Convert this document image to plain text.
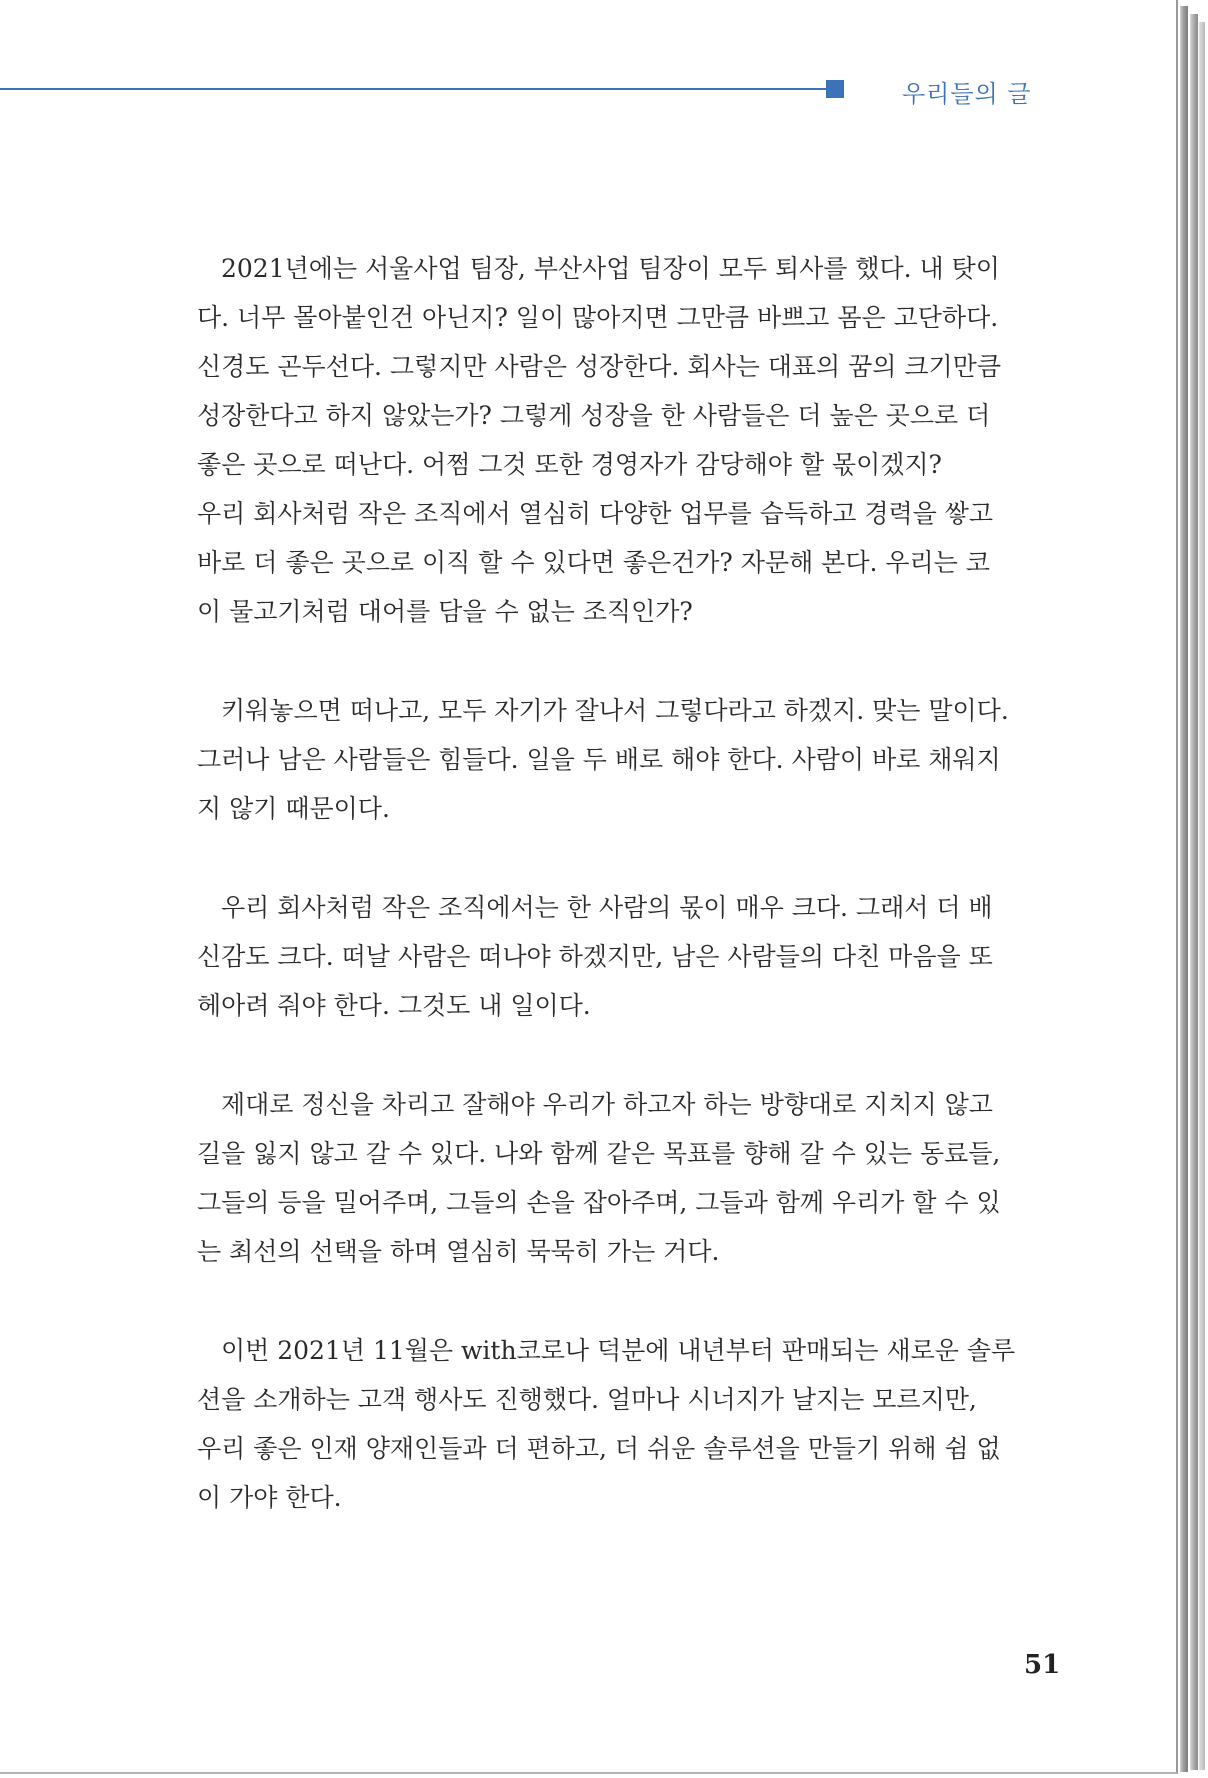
우리들의 글

2021년에는 서울사업 팀장, 부산사업 팀장이 모두 퇴사를 했다. 내 탓이
다. 너무 몰아붙인건 아닌지? 일이 많아지면 그만큼 바쁘고 몸은 고단하다.
신경도 곤두선다. 그렇지만 사람은 성장한다. 회사는 대표의 꿈의 크기만큼
성장한다고 하지 않았는가? 그렇게 성장을 한 사람들은 더 높은 곳으로 더
좋은 곳으로 떠난다. 어쩜 그것 또한 경영자가 감당해야 할 몫이겠지?
우리 회사처럼 작은 조직에서 열심히 다양한 업무를 습득하고 경력을 쌓고
바로 더 좋은 곳으로 이직 할 수 있다면 좋은건가? 자문해 본다. 우리는 코
이 물고기처럼 대어를 담을 수 없는 조직인가?

키워놓으면 떠나고, 모두 자기가 잘나서 그렇다라고 하겠지. 맞는 말이다.
그러나 남은 사람들은 힘들다. 일을 두 배로 해야 한다. 사람이 바로 채워지
지 않기 때문이다.

우리 회사처럼 작은 조직에서는 한 사람의 몫이 매우 크다. 그래서 더 배
신감도 크다. 떠날 사람은 떠나야 하겠지만, 남은 사람들의 다친 마음을 또
헤아려 줘야 한다. 그것도 내 일이다.

제대로 정신을 차리고 잘해야 우리가 하고자 하는 방향대로 지치지 않고
길을 잃지 않고 갈 수 있다. 나와 함께 같은 목표를 향해 갈 수 있는 동료들,
그들의 등을 밀어주며, 그들의 손을 잡아주며, 그들과 함께 우리가 할 수 있
는 최선의 선택을 하며 열심히 묵묵히 가는 거다.

이번 2021년 11월은 with코로나 덕분에 내년부터 판매되는 새로운 솔루
션을 소개하는 고객 행사도 진행했다. 얼마나 시너지가 날지는 모르지만,
우리 좋은 인재 양재인들과 더 편하고, 더 쉬운 솔루션을 만들기 위해 쉼 없
이 가야 한다.

51
